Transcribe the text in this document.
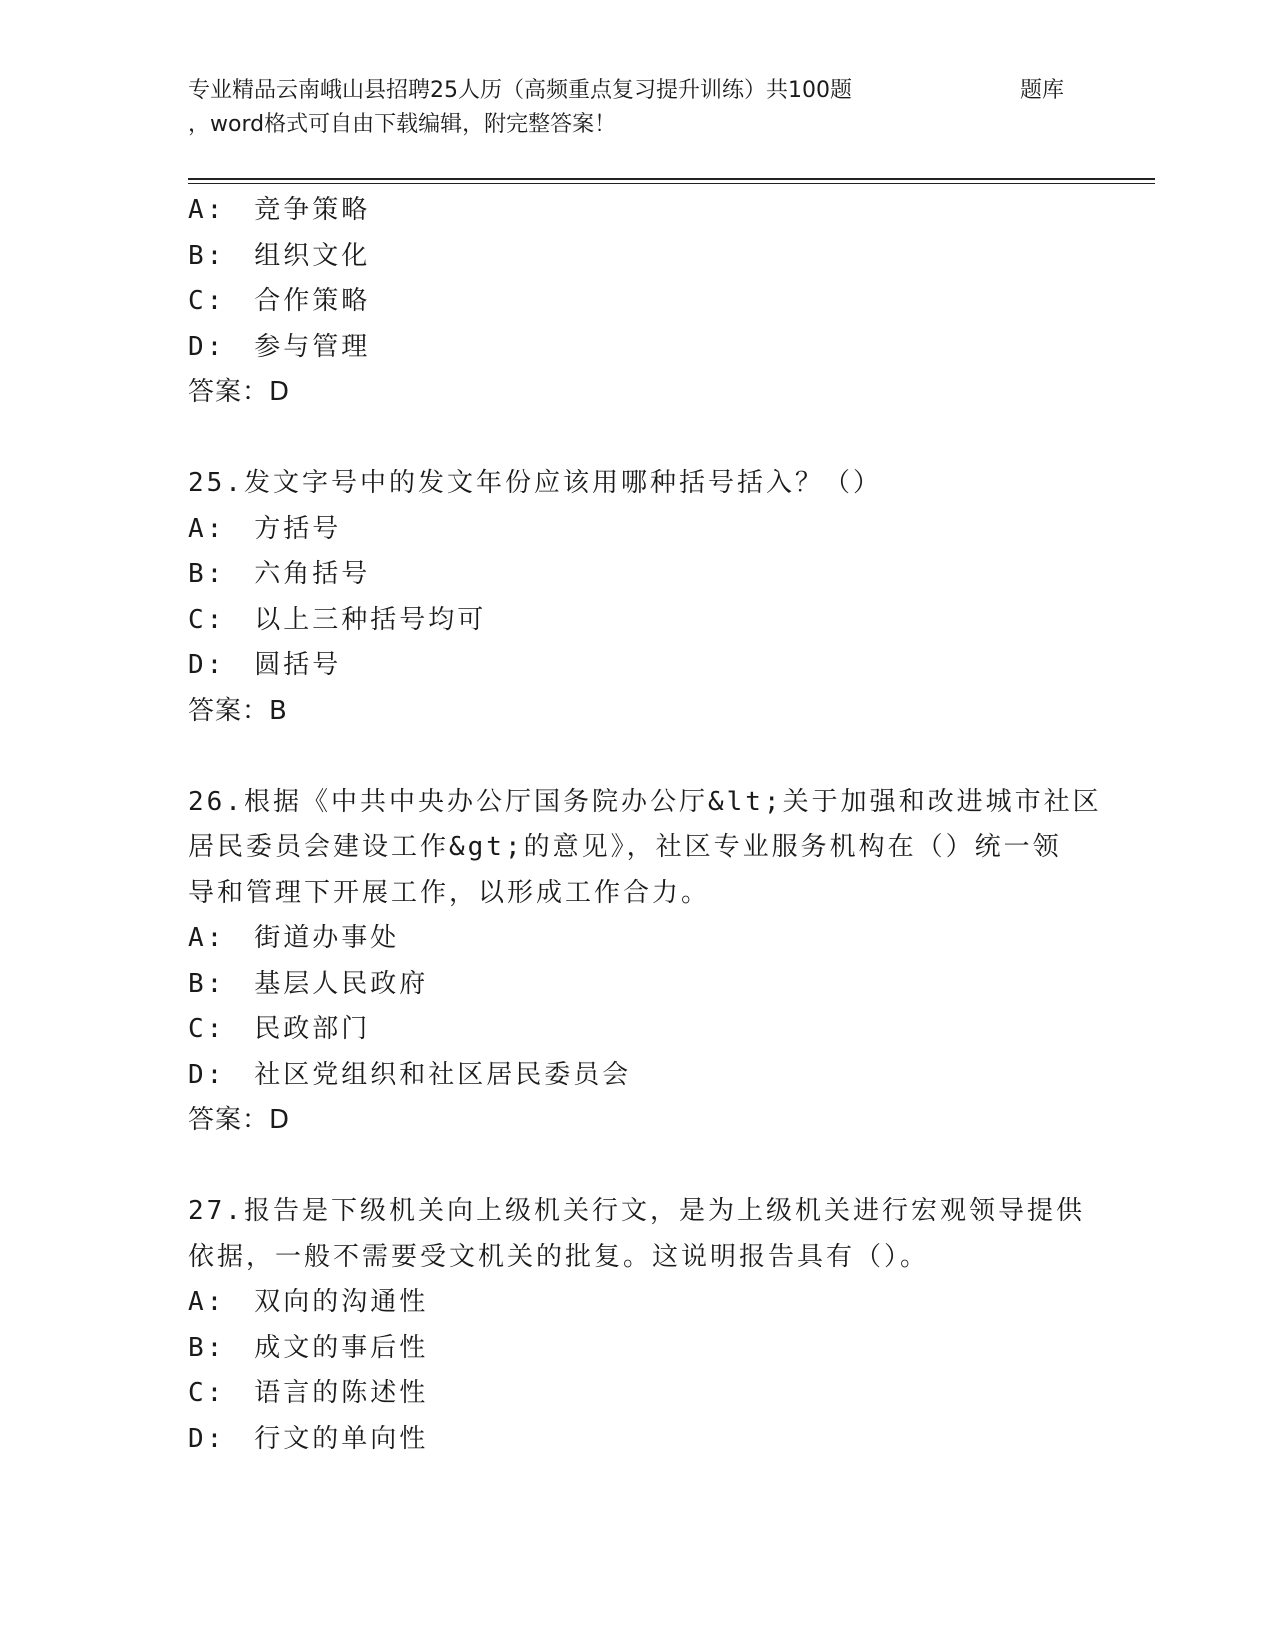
专业精品云南峨山县招聘25人历（高频重点复习提升训练）共100题	题库
，word格式可自由下载编辑，附完整答案！
A:　竞争策略
B:　组织文化
C:　合作策略
D:　参与管理
答案：D
25.发文字号中的发文年份应该用哪种括号括入？（）
A:　方括号
B:　六角括号
C:　以上三种括号均可
D:　圆括号
答案：B
26.根据《中共中央办公厅国务院办公厅&lt;关于加强和改进城市社区
居民委员会建设工作&gt;的意见》，社区专业服务机构在（）统一领
导和管理下开展工作，以形成工作合力。
A:　街道办事处
B:　基层人民政府
C:　民政部门
D:　社区党组织和社区居民委员会
答案：D
27.报告是下级机关向上级机关行文，是为上级机关进行宏观领导提供
依据，一般不需要受文机关的批复。这说明报告具有（）。
A:　双向的沟通性
B:　成文的事后性
C:　语言的陈述性
D:　行文的单向性
